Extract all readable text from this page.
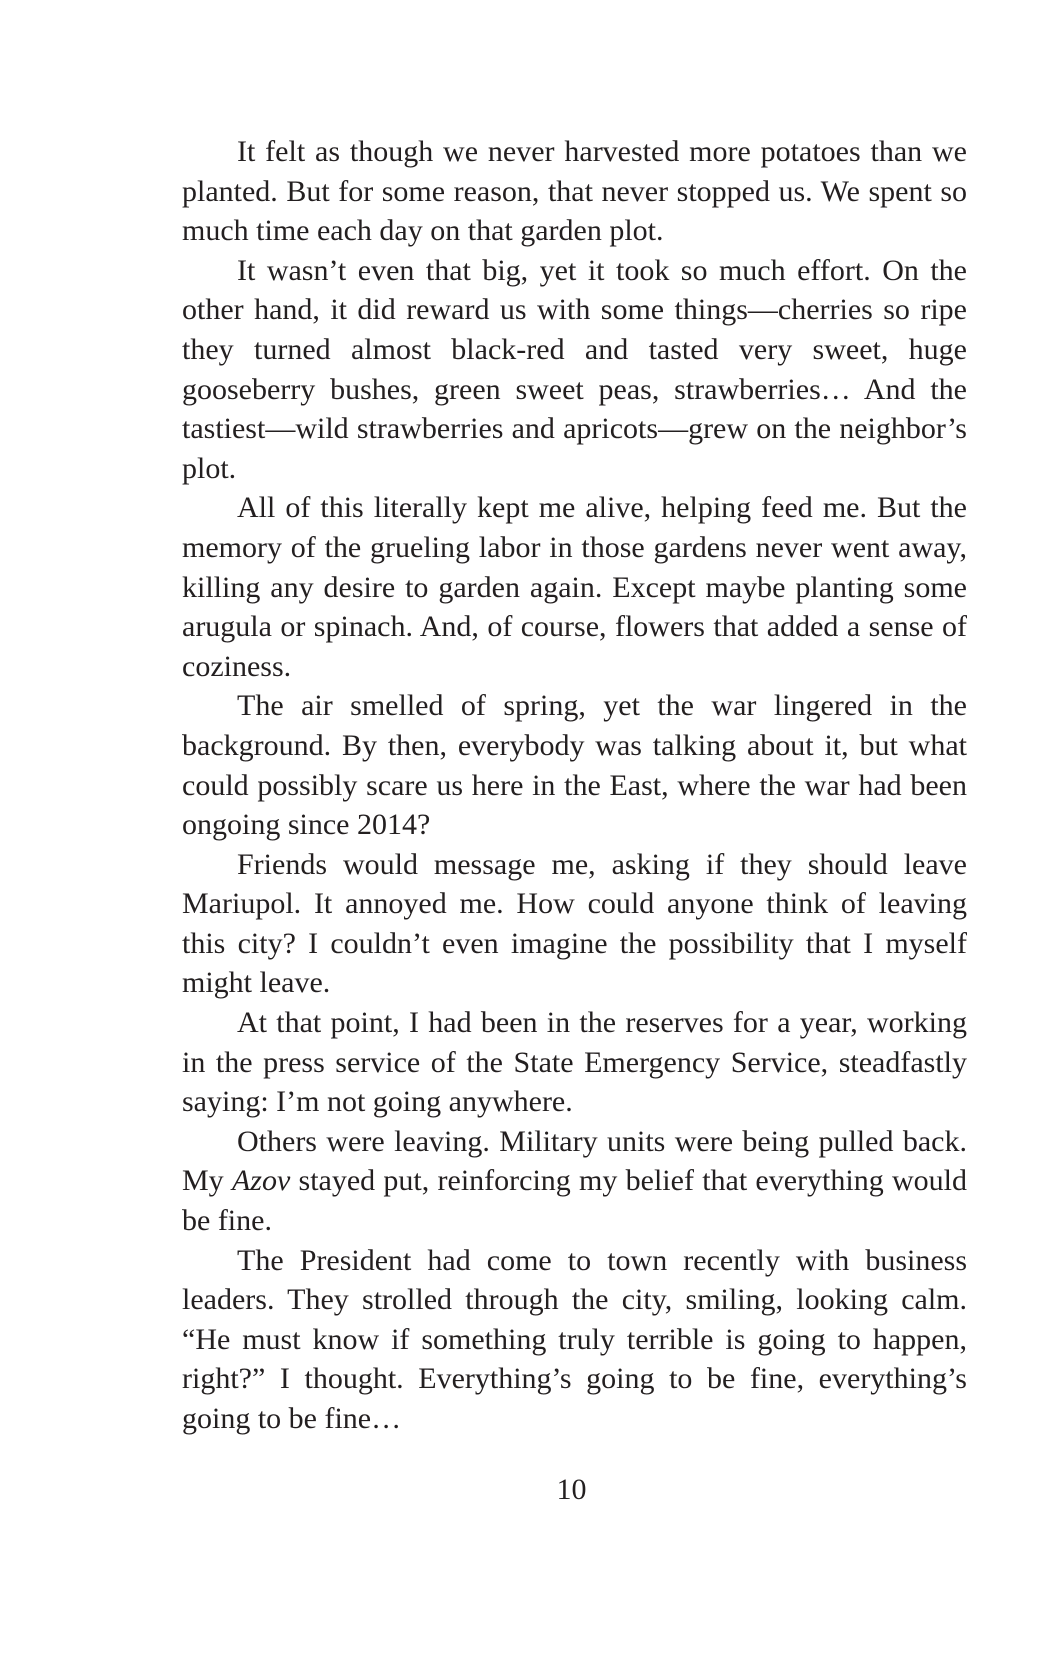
It felt as though we never harvested more potatoes than we planted. But for some reason, that never stopped us. We spent so much time each day on that garden plot.

It wasn’t even that big, yet it took so much effort. On the other hand, it did reward us with some things—cherries so ripe they turned almost black-red and tasted very sweet, huge gooseberry bushes, green sweet peas, strawberries… And the tastiest—wild strawberries and apricots—grew on the neighbor’s plot.

All of this literally kept me alive, helping feed me. But the memory of the grueling labor in those gardens never went away, killing any desire to garden again. Except maybe planting some arugula or spinach. And, of course, flowers that added a sense of coziness.

The air smelled of spring, yet the war lingered in the background. By then, everybody was talking about it, but what could possibly scare us here in the East, where the war had been ongoing since 2014?

Friends would message me, asking if they should leave Mariupol. It annoyed me. How could anyone think of leaving this city? I couldn’t even imagine the possibility that I myself might leave.

At that point, I had been in the reserves for a year, working in the press service of the State Emergency Service, steadfastly saying: I’m not going anywhere.

Others were leaving. Military units were being pulled back. My Azov stayed put, reinforcing my belief that everything would be fine.

The President had come to town recently with business leaders. They strolled through the city, smiling, looking calm. “He must know if something truly terrible is going to happen, right?” I thought. Everything’s going to be fine, everything’s going to be fine…

10
